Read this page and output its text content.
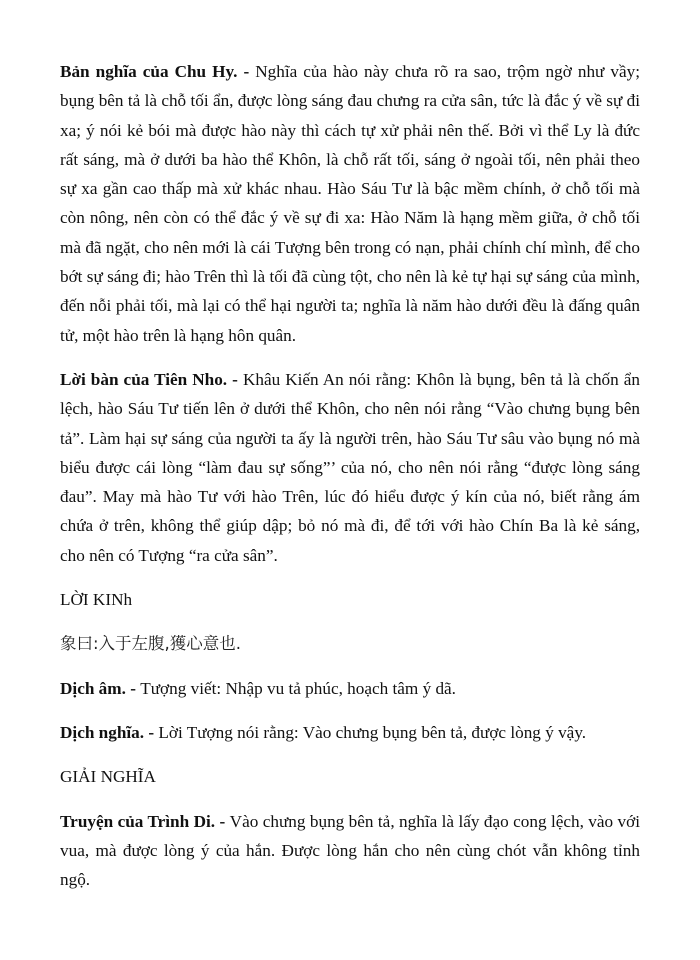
Bản nghĩa của Chu Hy. - Nghĩa của hào này chưa rõ ra sao, trộm ngờ như vầy; bụng bên tả là chỗ tối ẩn, được lòng sáng đau chưng ra cửa sân, tức là đắc ý về sự đi xa; ý nói kẻ bói mà được hào này thì cách tự xử phải nên thế. Bởi vì thể Ly là đức rất sáng, mà ở dưới ba hào thể Khôn, là chỗ rất tối, sáng ở ngoài tối, nên phải theo sự xa gần cao thấp mà xử khác nhau. Hào Sáu Tư là bậc mềm chính, ở chỗ tối mà còn nông, nên còn có thể đắc ý về sự đi xa: Hào Năm là hạng mềm giữa, ở chỗ tối mà đã ngặt, cho nên mới là cái Tượng bên trong có nạn, phải chính chí mình, để cho bớt sự sáng đi; hào Trên thì là tối đã cùng tột, cho nên là kẻ tự hại sự sáng của mình, đến nỗi phải tối, mà lại có thể hại người ta; nghĩa là năm hào dưới đều là đấng quân tử, một hào trên là hạng hôn quân.

Lời bàn của Tiên Nho. - Khâu Kiến An nói rằng: Khôn là bụng, bên tả là chốn ẩn lệch, hào Sáu Tư tiến lên ở dưới thể Khôn, cho nên nói rằng “Vào chưng bụng bên tả”. Làm hại sự sáng của người ta ấy là người trên, hào Sáu Tư sâu vào bụng nó mà biểu được cái lòng “làm đau sự sống”’ của nó, cho nên nói rằng “được lòng sáng đau”. May mà hào Tư với hào Trên, lúc đó hiểu được ý kín của nó, biết rằng ám chứa ở trên, không thể giúp dập; bỏ nó mà đi, để tới với hào Chín Ba là kẻ sáng, cho nên có Tượng “ra cửa sân”.

LỜI KINh

象曰:入于左腹,獲心意也.

Dịch âm. - Tượng viết: Nhập vu tả phúc, hoạch tâm ý dã.

Dịch nghĩa. - Lời Tượng nói rằng: Vào chưng bụng bên tả, được lòng ý vậy.

GIẢI NGHĨA

Truyện của Trình Di. - Vào chưng bụng bên tả, nghĩa là lấy đạo cong lệch, vào với vua, mà được lòng ý của hắn. Được lòng hắn cho nên cùng chót vẫn không tỉnh ngộ.
